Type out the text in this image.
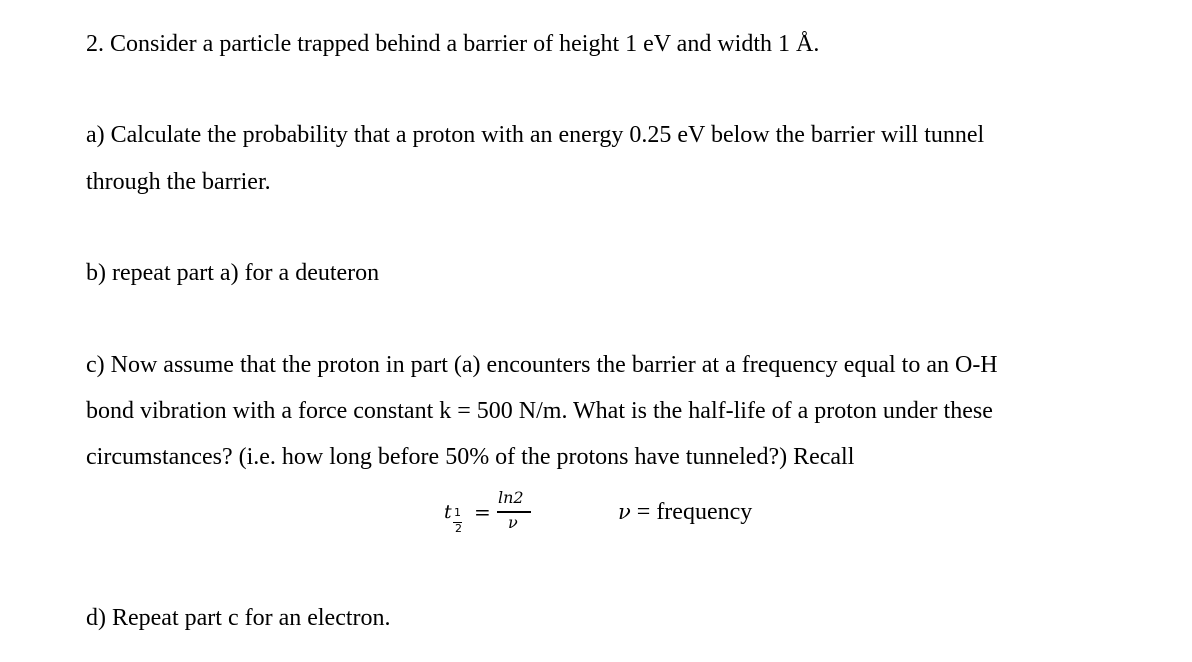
2. Consider a particle trapped behind a barrier of height 1 eV and width 1 Å.
a) Calculate the probability that a proton with an energy 0.25 eV below the barrier will tunnel
through the barrier.
b) repeat part a) for a deuteron
c) Now assume that the proton in part (a) encounters the barrier at a frequency equal to an O-H
bond vibration with a force constant k = 500 N/m. What is the half-life of a proton under these
circumstances? (i.e. how long before 50% of the protons have tunneled?) Recall
t 1
2
=
ln2
ν	ν = frequency
d) Repeat part c for an electron.
